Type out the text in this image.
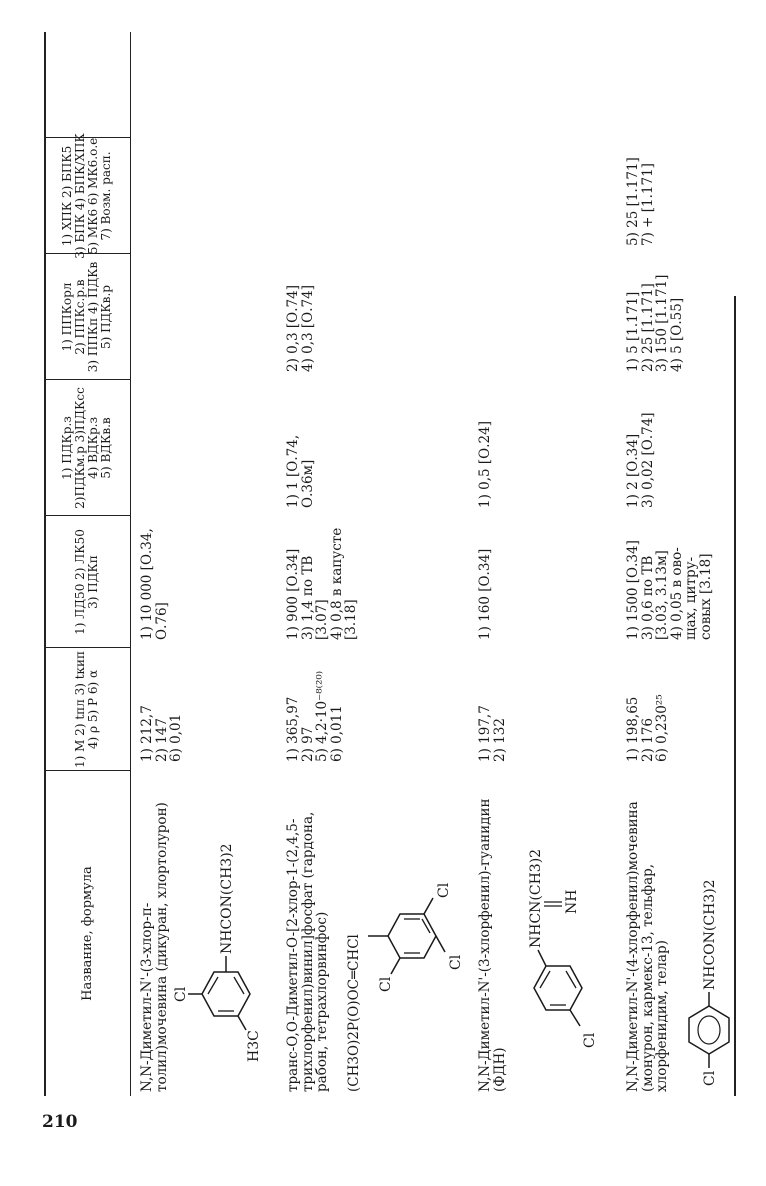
210
Название, формула
1) M 2) tпл 3) tкип 4) ρ 5) P 6) α
1) ЛД50 2) ЛК50 3) ПДКп
1) ПДКр.з 2)ПДКм.р 3)ПДКсс 4) ВДКр.з 5) ВДКв.в
1) ППКорл 2) ППКс.р.в 3) ППКп 4) ПДКв 5) ПДКв.р
1) ХПК 2) БПК5 3) БПК 4) БПК/ХПК 5) МК6 6) МК6.о.е 7) Возм. расп.
N,N-Диметил-N'-(3-хлор-п-толил)мочевина (дикуран, хлортолурон)	NHCON(CH3)2
Cl
H3C
1) 212,7
2) 147
6) 0,01
1) 10 000 [О.34,
О.76]
транс-O,O-Диметил-O-[2-хлор-1-(2,4,5-трихлорфенил)винил]фосфат (гардона, рабон, тетрахлорвинфос) (CH3O)2P(O)OC═CHCl Cl
Cl
Cl
1) 365,97
2) 97
5) 4,2·10⁻⁸⁽²⁰⁾
6) 0,011
1) 900 [О.34]
3) 1,4 по ТВ
[3.07]
4) 0,8 в капусте
[3.18]
1) 1 [О.74,
О.36м]
2) 0,3 [О.74]
4) 0,3 [О.74]
N,N-Диметил-N'-(3-хлорфенил)-гуанидин (ФДН)
NHCN(CH3)2 NH
Cl
1) 197,7
2) 132
1) 160 [О.34]
1) 0,5 [О.24]
N,N-Диметил-N'-(4-хлорфенил)мочевина (монурон, кармекс-13, тельфар, хлорфенидим, телар) Cl
NHCON(CH3)2
1) 198,65
2) 176
6) 0,230²⁵
1) 1500 [О.34]
3) 0,6 по ТВ
[3.03, 3.13м]
4) 0,05 в ово-
щах, цитру-
совых [3.18]
1) 2 [О.34]
3) 0,02 [О.74]
1) 5 [1.171]
2) 25 [1.171]
3) 150 [1.171]
4) 5 [О.55]
5) 25 [1.171]
7) + [1.171]
